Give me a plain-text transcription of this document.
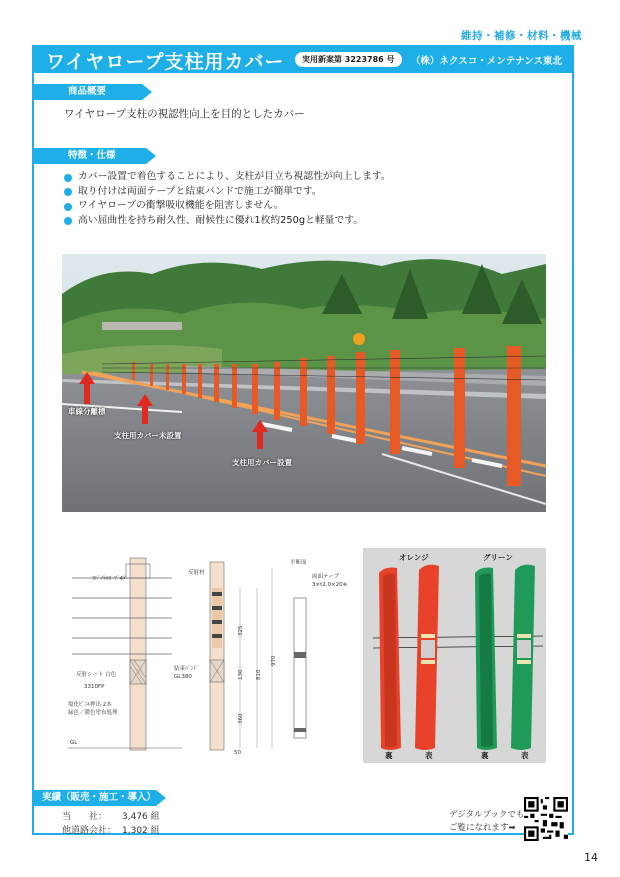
維持・補修・材料・機械
ワイヤロープ支柱用カバー	実用新案第 3223786 号	（株）ネクスコ・メンテナンス東北
商品概要
ワイヤロープ支柱の視認性向上を目的としたカバー
特徴・仕様
カバー設置で着色することにより、支柱が目立ち視認性が向上します。
取り付けは両面テープと結束バンドで施工が簡単です。
ワイヤロープの衝撃吸収機能を阻害しません。
高い屈曲性を持ち耐久性、耐候性に優れ1枚約250gと軽量です。
車線分離標
支柱用カバー未設置
支柱用カバー設置
ｽﾊﾟｲﾗﾙﾛｰﾌﾟ4ｹ
反射シート 白色
3310FP
塩化ﾋﾞﾆﾙ押出 2本
緑色／濃色塗布処理
GL
反射材
結束ﾊﾞﾝﾄﾞ
GL380
325
130 810
970
360
50
平断面
両面テープ
3×t2.0×20※
オレンジ	グリーン
裏	表	裏	表
実績（販売・施工・導入）
当　　社：	3,476 組
他道路会社： 1,302 組
デジタルブックでも
ご覧になれます➡
14
